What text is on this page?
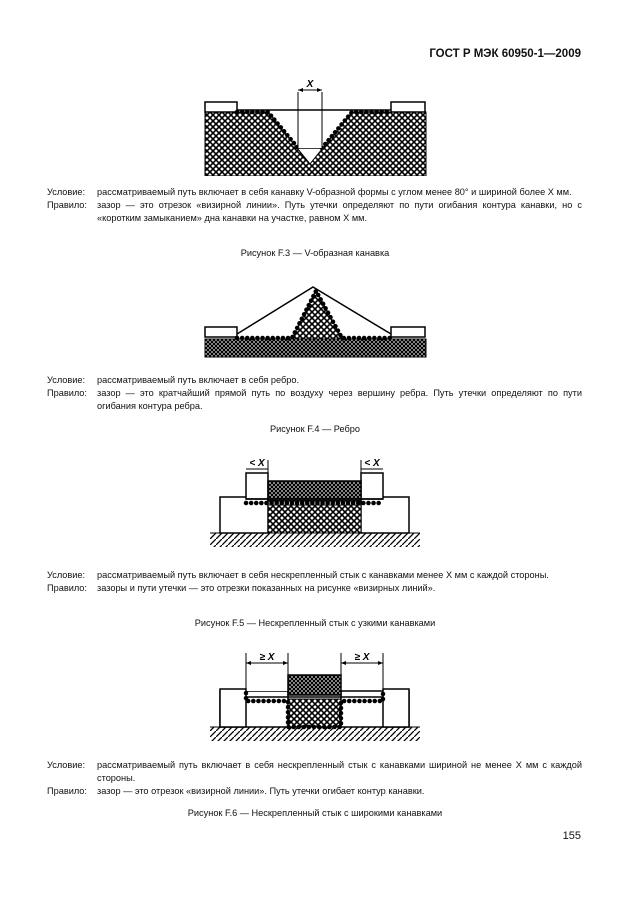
ГОСТ Р МЭК 60950-1—2009
X
Условие:	рассматриваемый путь включает в себя канавку V-образной формы с углом менее 80° и шириной более X мм.
Правило:	зазор — это отрезок «визирной линии». Путь утечки определяют по пути огибания контура канавки, но с «коротким замыканием» дна канавки на участке, равном X мм.
Рисунок F.3 — V-образная канавка
Условие:	рассматриваемый путь включает в себя ребро.
Правило:	зазор — это кратчайший прямой путь по воздуху через вершину ребра. Путь утечки определяют по пути огибания контура ребра.
Рисунок F.4 — Ребро
< X	< X
Условие:	рассматриваемый путь включает в себя нескрепленный стык с канавками менее X мм с каждой стороны.
Правило:	зазоры и пути утечки — это отрезки показанных на рисунке «визирных линий».
Рисунок F.5 — Нескрепленный стык с узкими канавками
≥ X	≥ X
Условие:	рассматриваемый путь включает в себя нескрепленный стык с канавками шириной не менее X мм с каждой стороны.
Правило:	зазор — это отрезок «визирной линии». Путь утечки огибает контур канавки.
Рисунок F.6 — Нескрепленный стык с широкими канавками
155
